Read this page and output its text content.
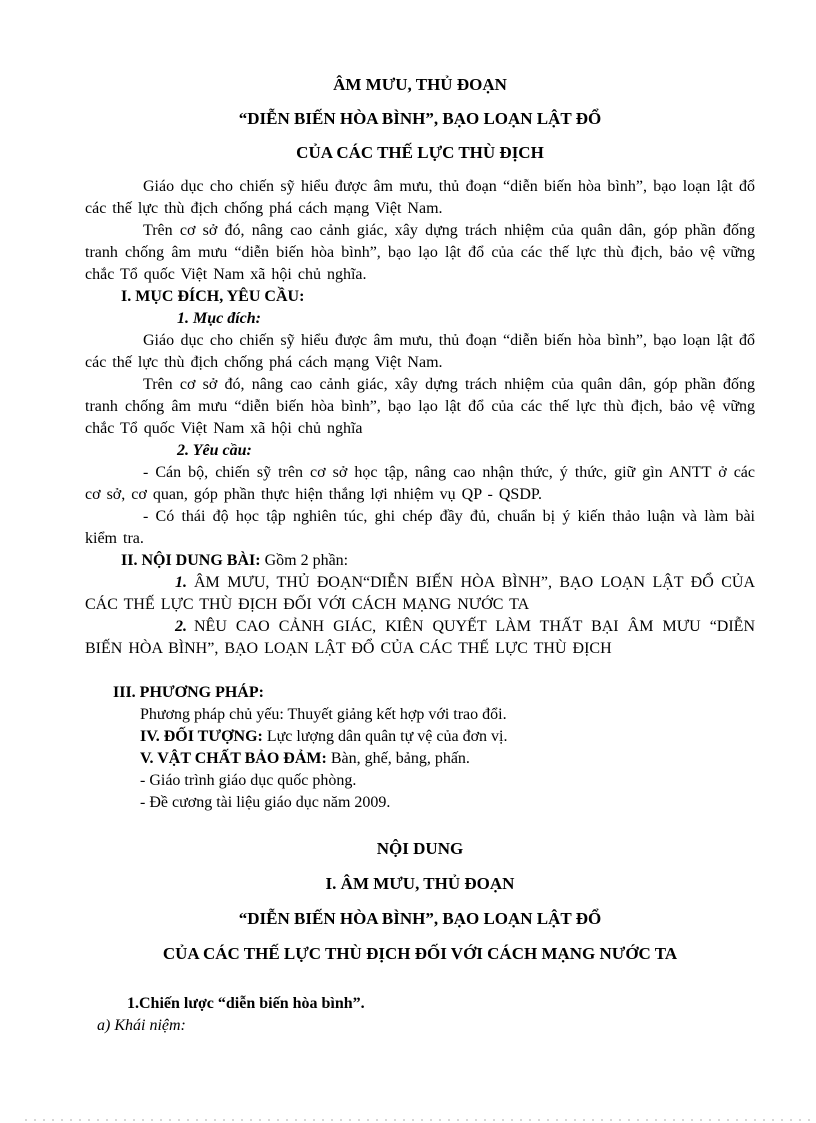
ÂM MƯU, THỦ ĐOẠN

“DIỄN BIẾN HÒA BÌNH”, BẠO LOẠN LẬT ĐỔ

CỦA CÁC THẾ LỰC THÙ ĐỊCH

Giáo dục cho chiến sỹ hiểu được âm mưu, thủ đoạn “diễn biến hòa bình”, bạo loạn lật đổ các thế lực thù địch chống phá cách mạng Việt Nam.

Trên cơ sở đó, nâng cao cảnh giác, xây dựng trách nhiệm của quân dân, góp phần đống tranh chống âm mưu “diễn biến hòa bình”, bạo lạo lật đổ của các thế lực thù địch, bảo vệ vững chắc Tổ quốc Việt Nam xã hội chủ nghĩa.

I. MỤC ĐÍCH, YÊU CẦU:

1. Mục đích:

Giáo dục cho chiến sỹ hiểu được âm mưu, thủ đoạn “diễn biến hòa bình”, bạo loạn lật đổ các thế lực thù địch chống phá cách mạng Việt Nam.

Trên cơ sở đó, nâng cao cảnh giác, xây dựng trách nhiệm của quân dân, góp phần đống tranh chống âm mưu “diễn biến hòa bình”, bạo lạo lật đổ của các thế lực thù địch, bảo vệ vững chắc Tổ quốc Việt Nam xã hội chủ nghĩa

2. Yêu cầu:

- Cán bộ, chiến sỹ trên cơ sở học tập, nâng cao nhận thức, ý thức, giữ gìn ANTT ở các cơ sở, cơ quan, góp phần thực hiện thắng lợi nhiệm vụ QP - QSDP.

- Có thái độ học tập nghiên túc, ghi chép đầy đủ, chuẩn bị ý kiến thảo luận và làm bài kiểm tra.

II. NỘI DUNG BÀI: Gồm 2 phần:

1. ÂM MƯU, THỦ ĐOẠN“DIỄN BIẾN HÒA BÌNH”, BẠO LOẠN LẬT ĐỔ CỦA CÁC THẾ LỰC THÙ ĐỊCH ĐỐI VỚI CÁCH MẠNG NƯỚC TA

2. NÊU CAO CẢNH GIÁC, KIÊN QUYẾT LÀM THẤT BẠI ÂM MƯU “DIỄN BIẾN HÒA BÌNH”, BẠO LOẠN LẬT ĐỔ CỦA CÁC THẾ LỰC THÙ ĐỊCH

III. PHƯƠNG PHÁP:

Phương pháp chủ yếu: Thuyết giảng kết hợp với trao đổi.

IV. ĐỐI TƯỢNG: Lực lượng dân quân tự vệ của đơn vị.

V. VẬT CHẤT BẢO ĐẢM: Bàn, ghế, bảng, phấn.

- Giáo trình giáo dục quốc phòng.

- Đề cương tài liệu giáo dục năm 2009.

NỘI DUNG

I. ÂM MƯU, THỦ ĐOẠN

“DIỄN BIẾN HÒA BÌNH”, BẠO LOẠN LẬT ĐỔ

CỦA CÁC THẾ LỰC THÙ ĐỊCH ĐỐI VỚI CÁCH MẠNG NƯỚC TA

1.Chiến lược “diễn biến hòa bình”.

a) Khái niệm:
